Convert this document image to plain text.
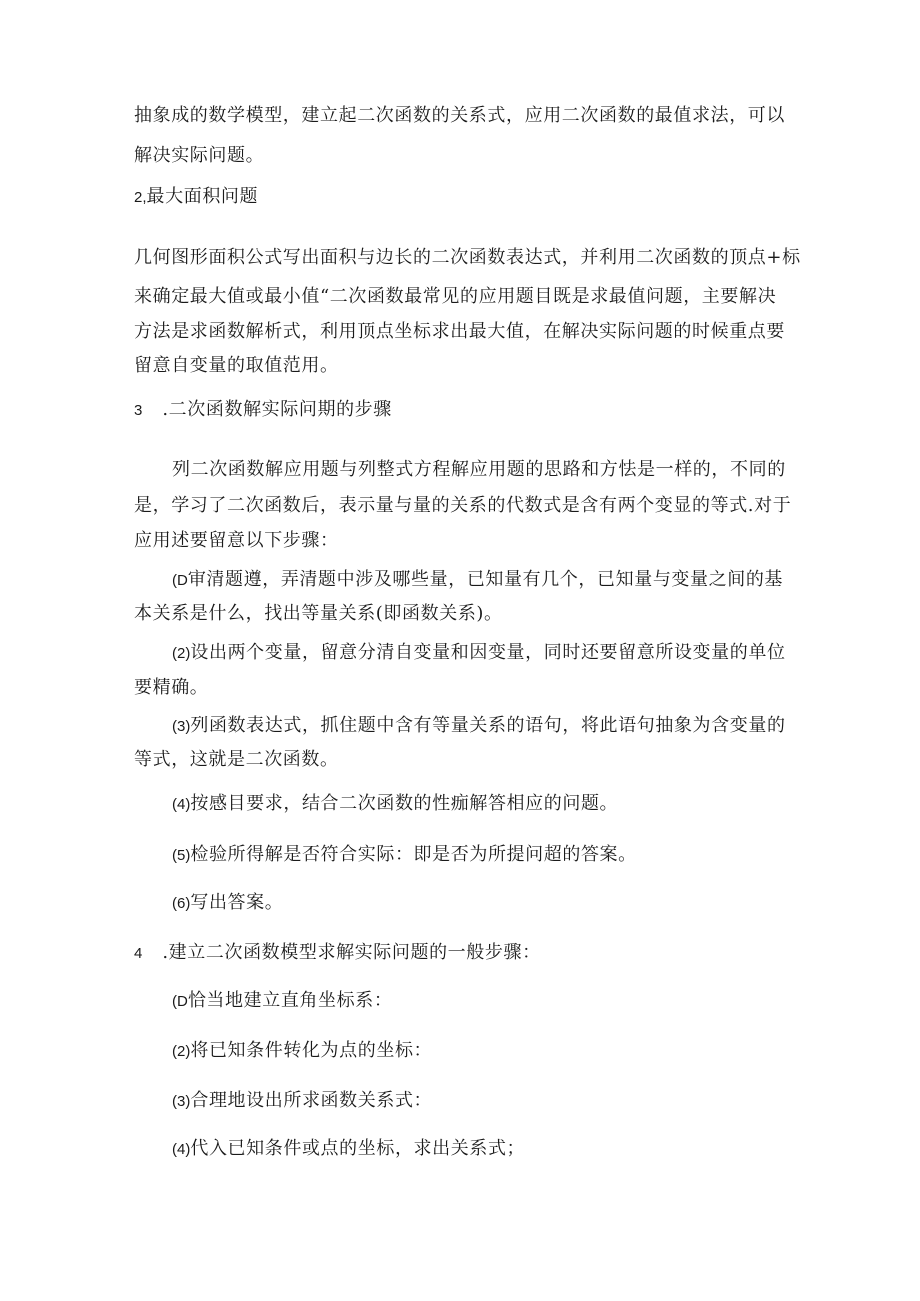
抽象成的数学模型，建立起二次函数的关系式，应用二次函数的最值求法，可以
解决实际问题。
2,最大面积问题
几何图形面积公式写出面积与边长的二次函数表达式，并利用二次函数的顶点+标
来确定最大值或最小值“二次函数最常见的应用题目既是求最值问题，主要解决
方法是求函数解析式，利用顶点坐标求出最大值，在解决实际问题的时候重点要
留意自变量的取值范用。
3 .二次函数解实际问期的步骤
列二次函数解应用题与列整式方程解应用题的思路和方怯是一样的，不同的
是，学习了二次函数后，表示量与量的关系的代数式是含有两个变显的等式.对于
应用述要留意以下步骤：
(D审清题遵，弄清题中涉及哪些量，已知量有几个，已知量与变量之间的基
本关系是什么，找出等量关系(即函数关系)。
(2)设出两个变量，留意分清自变量和因变量，同时还要留意所设变量的单位
要精确。
(3)列函数表达式，抓住题中含有等量关系的语句，将此语句抽象为含变量的
等式，这就是二次函数。
(4)按感目要求，结合二次函数的性痂解答相应的问题。
(5)检验所得解是否符合实际：即是否为所提问超的答案。
(6)写出答案。
4 .建立二次函数模型求解实际问题的一般步骤：
(D恰当地建立直角坐标系：
(2)将已知条件转化为点的坐标：
(3)合理地设出所求函数关系式：
(4)代入已知条件或点的坐标，求出关系式；
